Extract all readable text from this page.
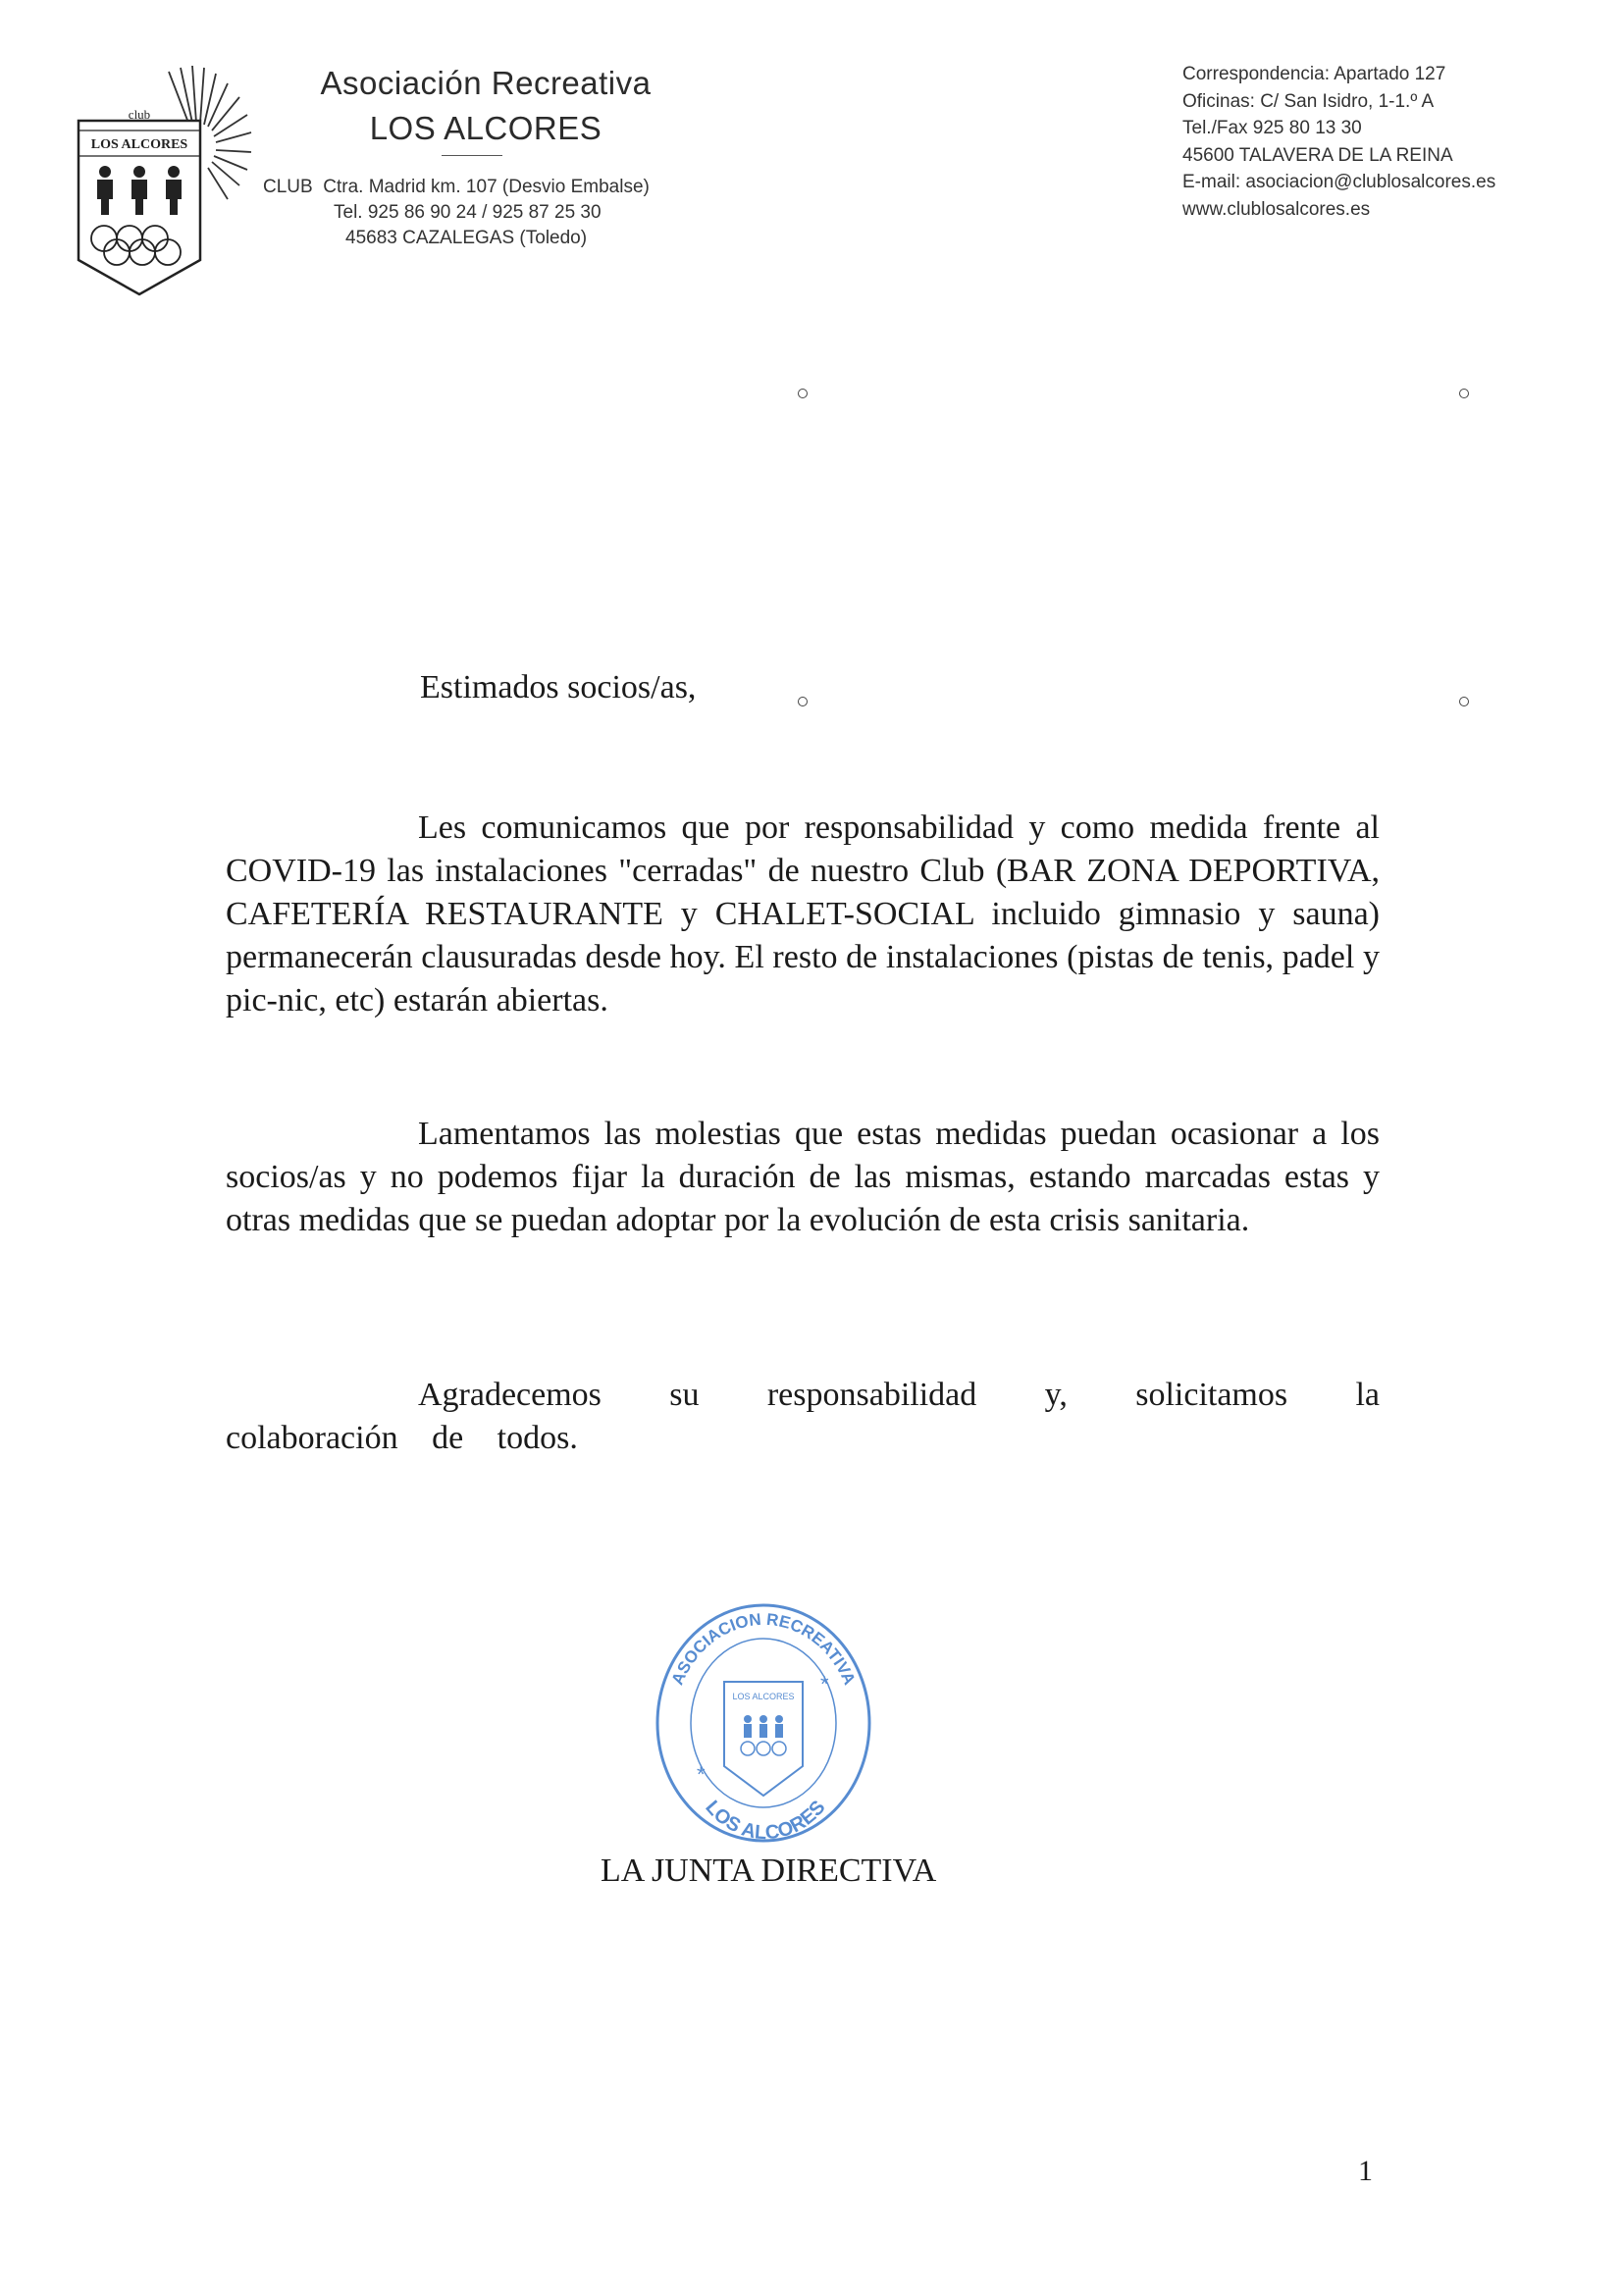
club
LOS ALCORES
Asociación Recreativa
LOS ALCORES
CLUB  Ctra. Madrid km. 107 (Desvio Embalse)
Tel. 925 86 90 24 / 925 87 25 30
45683 CAZALEGAS (Toledo)
Correspondencia: Apartado 127
Oficinas: C/ San Isidro, 1-1.º A
Tel./Fax 925 80 13 30
45600 TALAVERA DE LA REINA
E-mail: asociacion@clublosalcores.es
www.clublosalcores.es
Estimados socios/as,

Les comunicamos que por responsabilidad y como medida frente al COVID-19 las instalaciones "cerradas" de nuestro Club (BAR ZONA DEPORTIVA, CAFETERÍA RESTAURANTE y CHALET-SOCIAL incluido gimnasio y sauna) permanecerán clausuradas desde hoy. El resto de instalaciones (pistas de tenis, padel y pic-nic, etc) estarán abiertas.

Lamentamos las molestias que estas medidas puedan ocasionar a los socios/as y no podemos fijar la duración de las mismas, estando marcadas estas y otras medidas que se puedan adoptar por la evolución de esta crisis sanitaria.

Agradecemos su responsabilidad y, solicitamos la colaboración de todos.

ASOCIACION RECREATIVA
LOS ALCORES
LOS ALCORES
*
*
LA JUNTA DIRECTIVA
1
